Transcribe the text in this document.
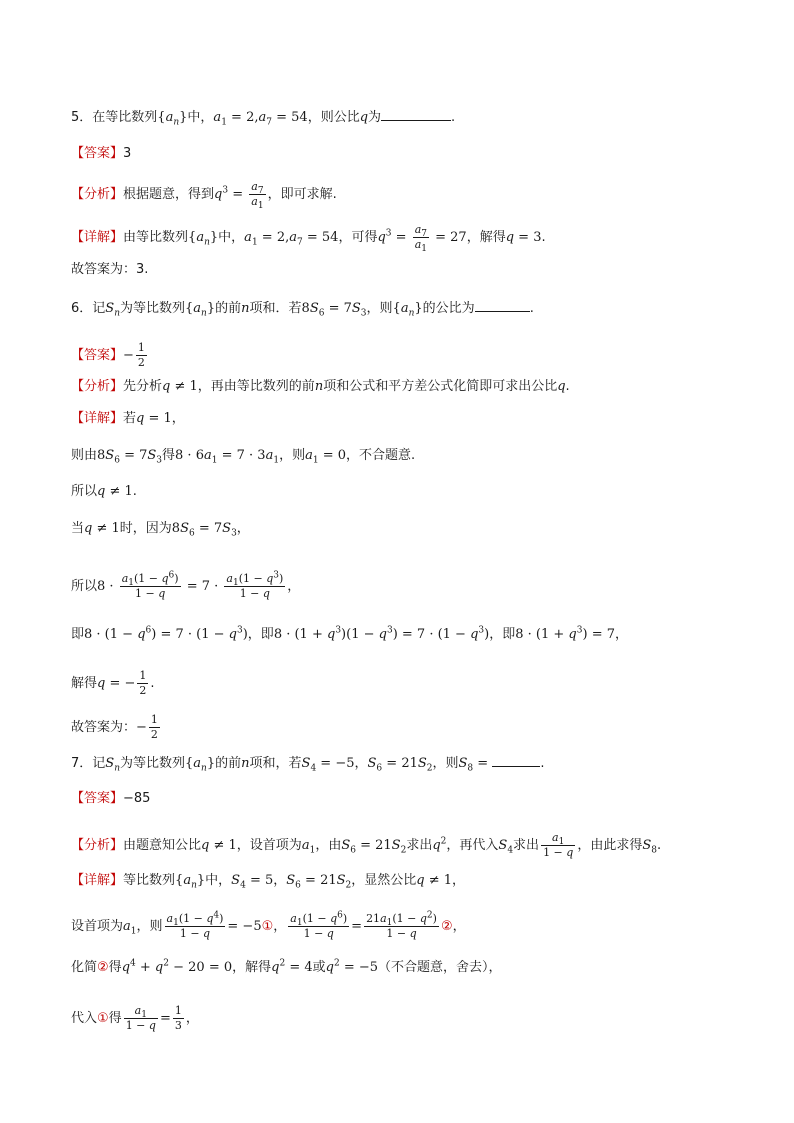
5．在等比数列$\{a_n\}$中，$a_1 = 2,a_7 = 54$，则公比q为	.
【答案】3
【分析】根据题意，得到$q^3 = \frac{a_7}{a_1}$ ，即可求解.
【详解】由等比数列$\{a_n\}$中，$a_1 = 2,a_7 = 54$，可得$q^3 = \frac{a_7}{a_1} = 27$，解得q = 3.
故答案为：3.
6．记$S_n$为等比数列$\{a_n\}$的前n项和．若$8S_6 = 7S_3$，则$\{a_n\}$的公比为	.
【答案】− $\frac{1}{2}$
【分析】先分析q ≠ 1，再由等比数列的前n项和公式和平方差公式化简即可求出公比q.
【详解】若q = 1，
则由$8S_6 = 7S_3$得$8 \cdot 6a_1 = 7 \cdot 3a_1$，则$a_1 = 0$，不合题意.
所以q ≠ 1.
当q ≠ 1时，因为$8S_6 = 7S_3$，
所以$8 \cdot \frac{a_1(1 - q^6)}{1 - q} = 7 \cdot \frac{a_1(1 - q^3)}{1 - q}$ ，
即$8 \cdot (1 - q^6) = 7 \cdot (1 - q^3)$，即$8 \cdot (1 + q^3)(1 - q^3) = 7 \cdot (1 - q^3)$，即$8 \cdot (1 + q^3) = 7$，
解得q = − $\frac{1}{2}$ .
故答案为：− $\frac{1}{2}$
7．记$S_n$为等比数列$\{a_n\}$的前n项和，若$S_4 = -5$，$S_6 = 21S_2$，则$S_8$ =	.
【答案】−85
【分析】由题意知公比q ≠ 1，设首项为$a_1$，由$S_6 = 21S_2$求出$q^2$，再代入$S_4$求出 $\frac{a_1}{1 - q}$ ，由此求得$S_8$.
【详解】等比数列$\{a_n\}$中，$S_4 = 5$，$S_6 = 21S_2$，显然公比q ≠ 1，
设首项为$a_1$，则 $\frac{a_1(1 - q^4)}{1 - q}$ = −5①， $\frac{a_1(1 - q^6)}{1 - q} = \frac{21a_1(1 - q^2)}{1 - q}$ ②，
化简②得$q^4 + q^2 - 20 = 0$，解得$q^2 = 4$或$q^2 = -5$（不合题意，舍去），
代入①得 $\frac{a_1}{1 - q} = \frac{1}{3}$ ，
